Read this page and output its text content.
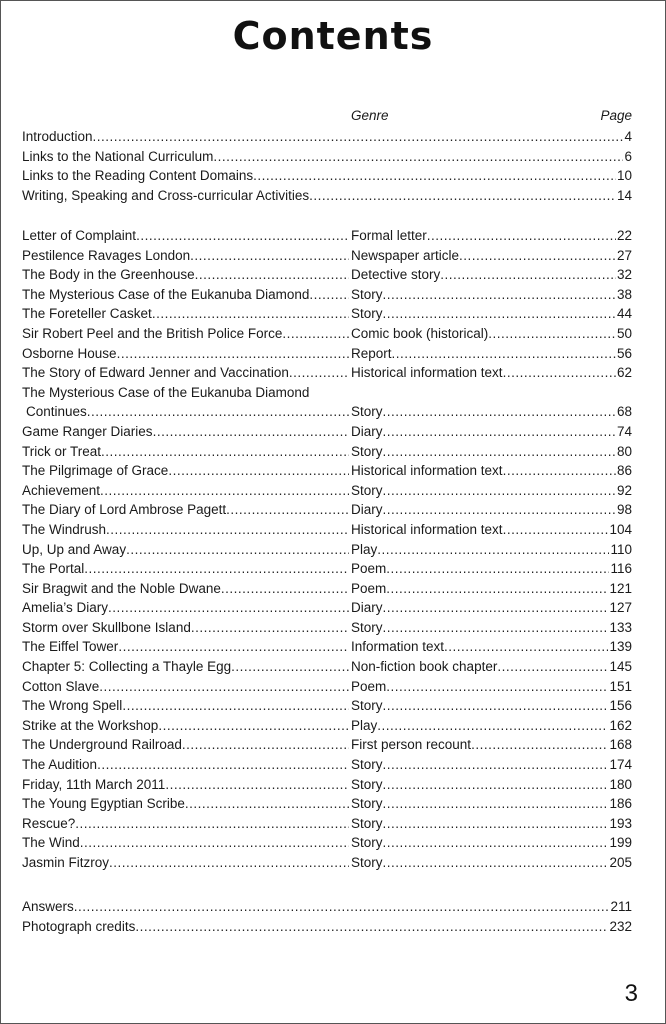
Contents
Genre	Page
Introduction .....	4
Links to the National Curriculum .....	6
Links to the Reading Content Domains .....	10
Writing, Speaking and Cross-curricular Activities .....	14
Letter of Complaint .....	Formal letter .....	22
Pestilence Ravages London .....	Newspaper article .....	27
The Body in the Greenhouse .....	Detective story .....	32
The Mysterious Case of the Eukanuba Diamond .....	Story .....	38
The Foreteller Casket .....	Story .....	44
Sir Robert Peel and the British Police Force .....	Comic book (historical) .....	50
Osborne House .....	Report .....	56
The Story of Edward Jenner and Vaccination .....	Historical information text .....	62
The Mysterious Case of the Eukanuba Diamond
Continues .....	Story .....	68
Game Ranger Diaries .....	Diary .....	74
Trick or Treat .....	Story .....	80
The Pilgrimage of Grace .....	Historical information text .....	86
Achievement .....	Story .....	92
The Diary of Lord Ambrose Pagett .....	Diary .....	98
The Windrush .....	Historical information text .....	104
Up, Up and Away .....	Play .....	110
The Portal .....	Poem .....	116
Sir Bragwit and the Noble Dwane .....	Poem .....	121
Amelia’s Diary .....	Diary .....	127
Storm over Skullbone Island .....	Story .....	133
The Eiffel Tower .....	Information text .....	139
Chapter 5: Collecting a Thayle Egg .....	Non-fiction book chapter .....	145
Cotton Slave .....	Poem .....	151
The Wrong Spell .....	Story .....	156
Strike at the Workshop .....	Play .....	162
The Underground Railroad .....	First person recount .....	168
The Audition .....	Story .....	174
Friday, 11th March 2011 .....	Story .....	180
The Young Egyptian Scribe .....	Story .....	186
Rescue? .....	Story .....	193
The Wind .....	Story .....	199
Jasmin Fitzroy .....	Story .....	205
Answers .....	211
Photograph credits .....	232
3
